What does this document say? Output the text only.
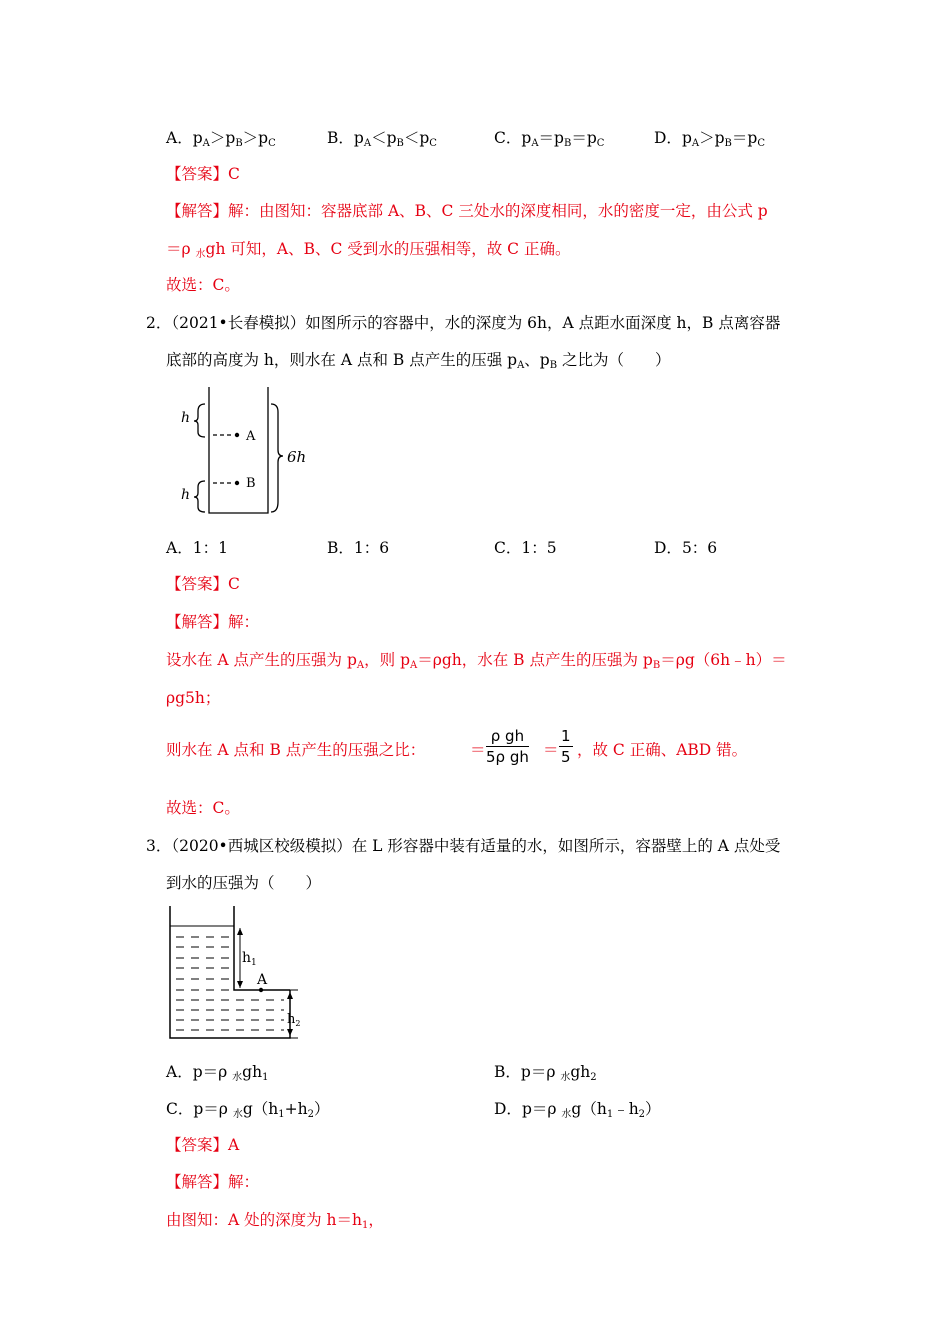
A．$p_A>p_B>p_C$	B．$p_A<p_B<p_C$	C．$p_A=p_B=p_C$	D．$p_A>p_B=p_C$
【答案】C
【解答】解：由图知：容器底部 A、B、C 三处水的深度相同，水的密度一定，由公式 p
＝ρ $_水$gh 可知，A、B、C 受到水的压强相等，故 C 正确。
故选：C。
2．（2021•长春模拟）如图所示的容器中，水的深度为 6h，A 点距水面深度 h，B 点离容器
底部的高度为 h，则水在 A 点和 B 点产生的压强 $p_A$、$p_B$ 之比为（　　）
h
h
A
B
6h
A．1：1	B．1：6	C．1：5	D．5：6
【答案】C
【解答】解：
设水在 A 点产生的压强为 $p_A$，则 $p_A=\rho gh$，水在 B 点产生的压强为 $p_B=\rho g(6h﹣h)=$
ρg5h；
则水在 A 点和 B 点产生的压强之比：	＝ $\frac{\text{ρ gh}}{\text{5ρ gh}} = \frac{1}{5}$ ，故 C 正确、ABD 错。
故选：C。
3．（2020•西城区校级模拟）在 L 形容器中装有适量的水，如图所示，容器壁上的 A 点处受
到水的压强为（　　）
$h_1$
A
$h_2$
A．p＝ρ $_水gh_1$	B．p＝ρ $_水gh_2$
C．p＝ρ $_水g(h_1+h_2)$	D．p＝ρ $_水g(h_1﹣h_2)$
【答案】A
【解答】解：
由图知：A 处的深度为 $h=h_1$，
